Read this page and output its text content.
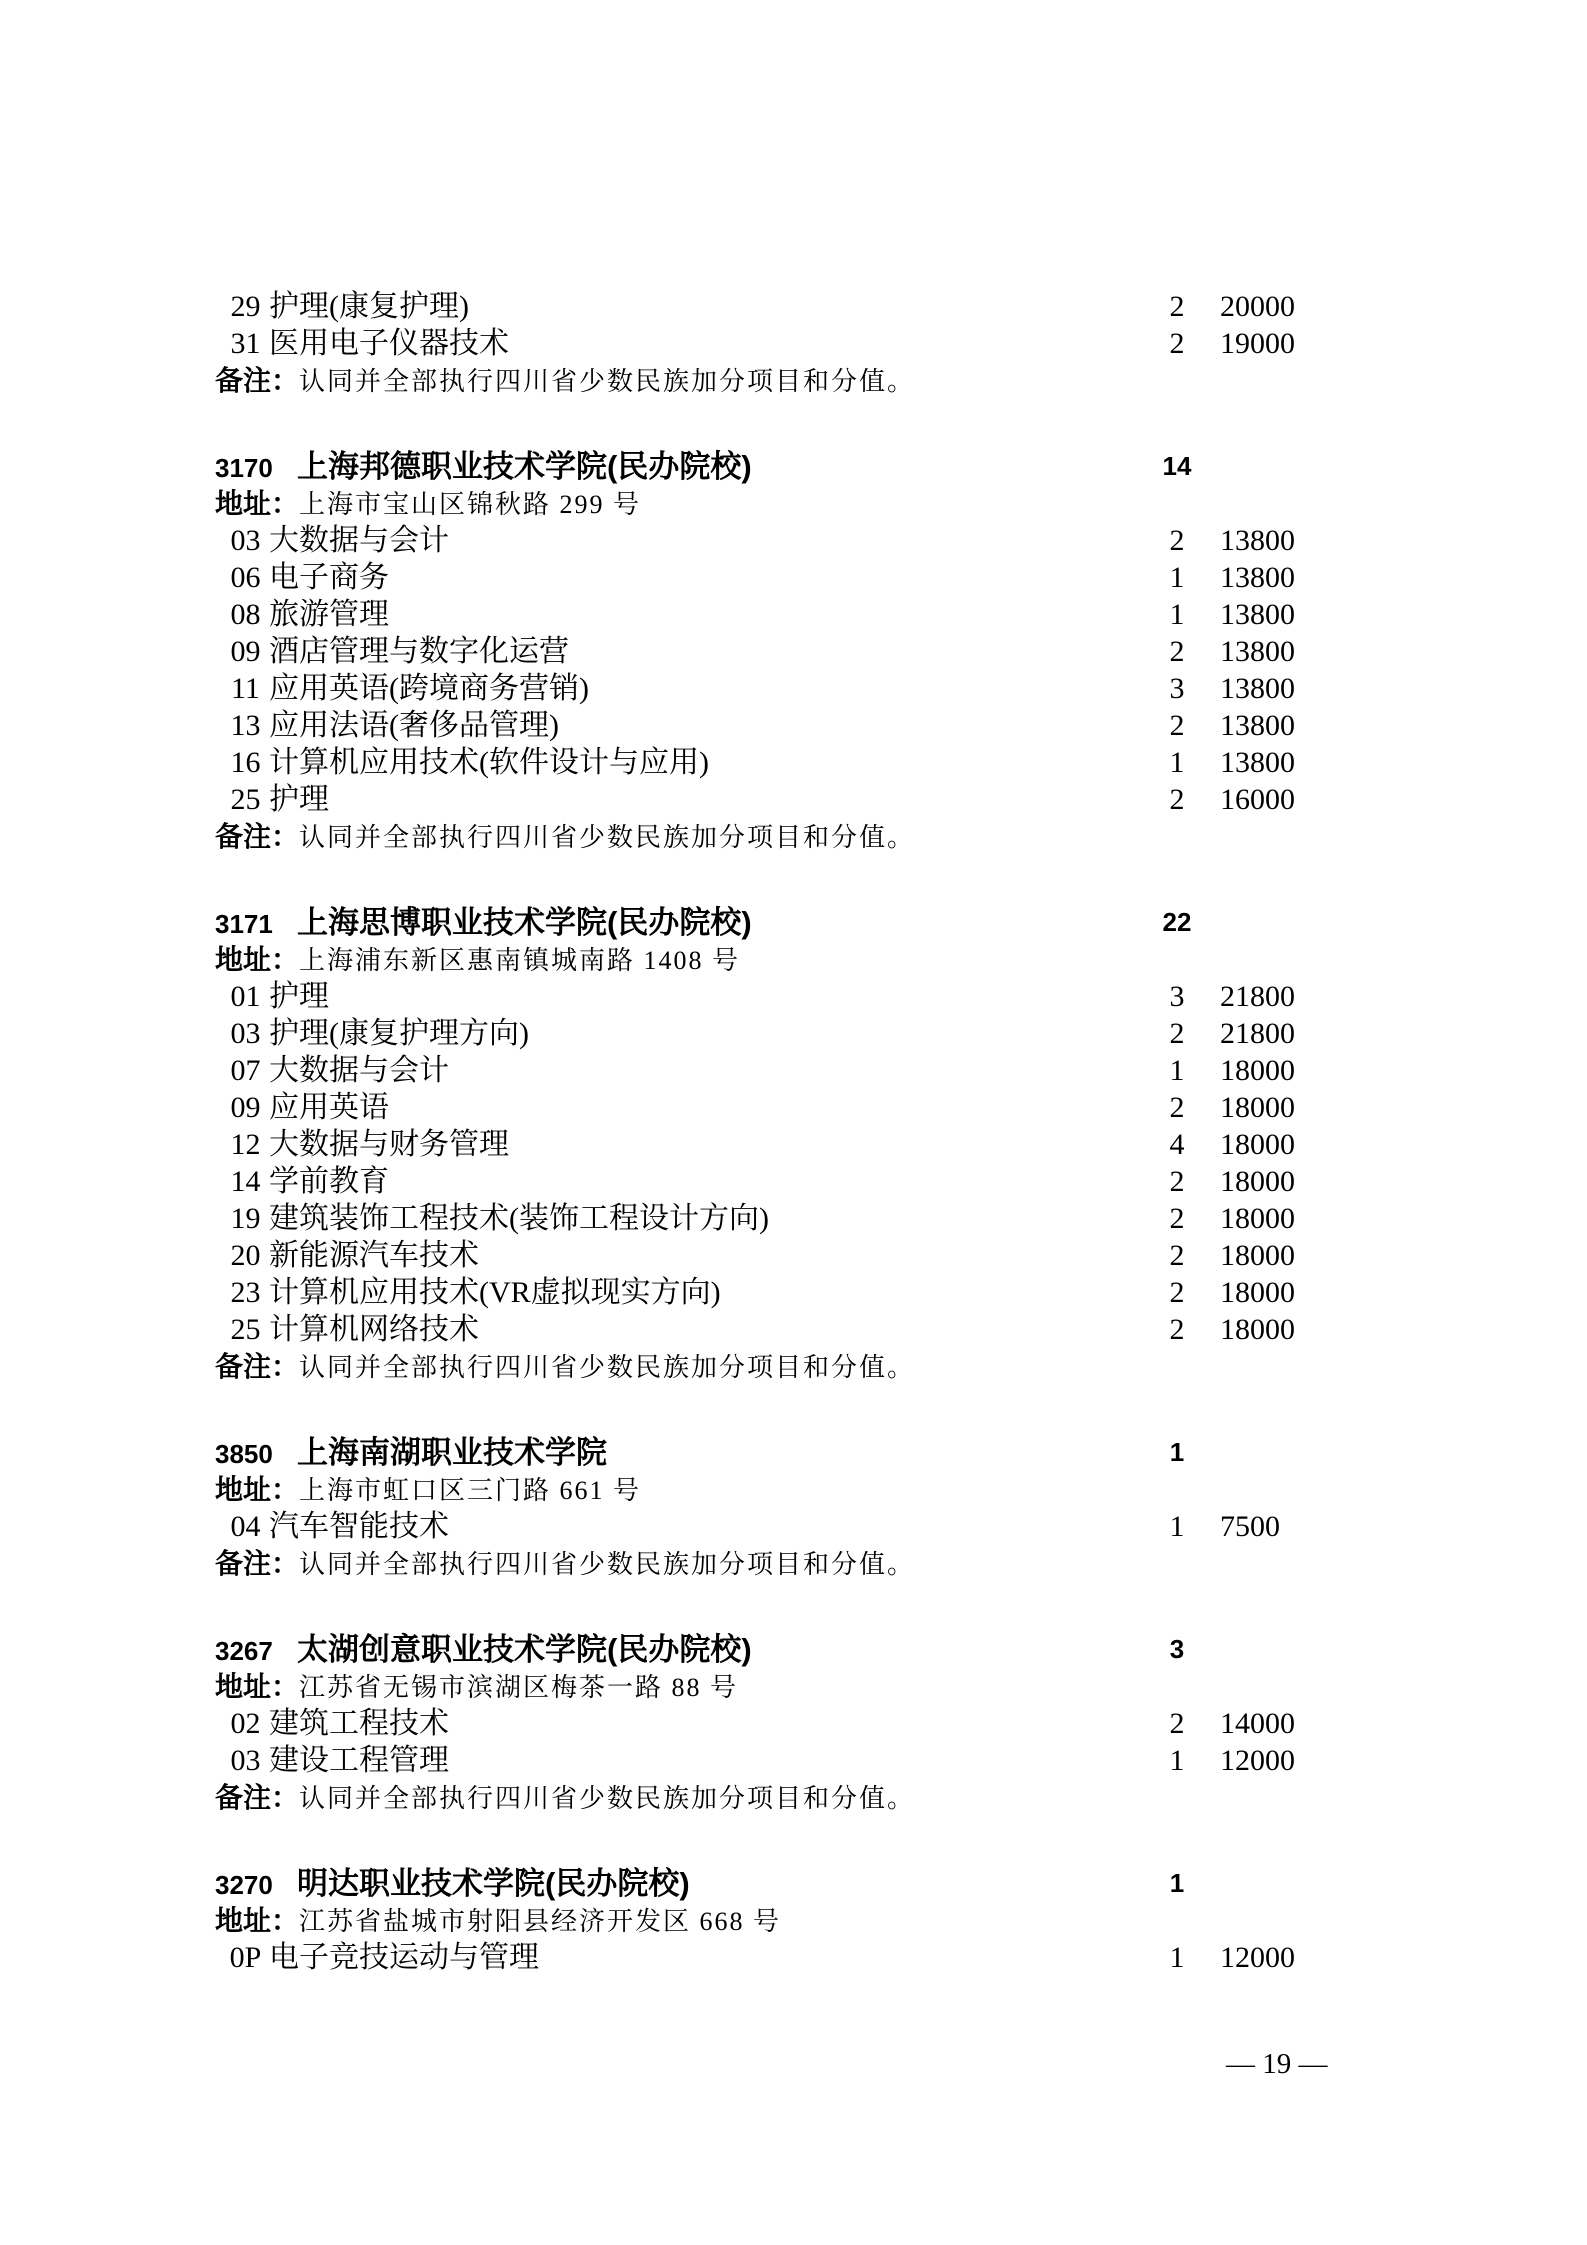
29 护理(康复护理)	2	20000
31 医用电子仪器技术	2	19000
备注：认同并全部执行四川省少数民族加分项目和分值。
3170 上海邦德职业技术学院(民办院校)	14
地址：上海市宝山区锦秋路 299 号
03 大数据与会计	2	13800
06 电子商务	1	13800
08 旅游管理	1	13800
09 酒店管理与数字化运营	2	13800
11 应用英语(跨境商务营销)	3	13800
13 应用法语(奢侈品管理)	2	13800
16 计算机应用技术(软件设计与应用)	1	13800
25 护理	2	16000
备注：认同并全部执行四川省少数民族加分项目和分值。
3171 上海思博职业技术学院(民办院校)	22
地址：上海浦东新区惠南镇城南路 1408 号
01 护理	3	21800
03 护理(康复护理方向)	2	21800
07 大数据与会计	1	18000
09 应用英语	2	18000
12 大数据与财务管理	4	18000
14 学前教育	2	18000
19 建筑装饰工程技术(装饰工程设计方向)	2	18000
20 新能源汽车技术	2	18000
23 计算机应用技术(VR虚拟现实方向)	2	18000
25 计算机网络技术	2	18000
备注：认同并全部执行四川省少数民族加分项目和分值。
3850 上海南湖职业技术学院	1
地址：上海市虹口区三门路 661 号
04 汽车智能技术	1	7500
备注：认同并全部执行四川省少数民族加分项目和分值。
3267 太湖创意职业技术学院(民办院校)	3
地址：江苏省无锡市滨湖区梅茶一路 88 号
02 建筑工程技术	2	14000
03 建设工程管理	1	12000
备注：认同并全部执行四川省少数民族加分项目和分值。
3270 明达职业技术学院(民办院校)	1
地址：江苏省盐城市射阳县经济开发区 668 号
0P 电子竞技运动与管理	1	12000
— 19 —
